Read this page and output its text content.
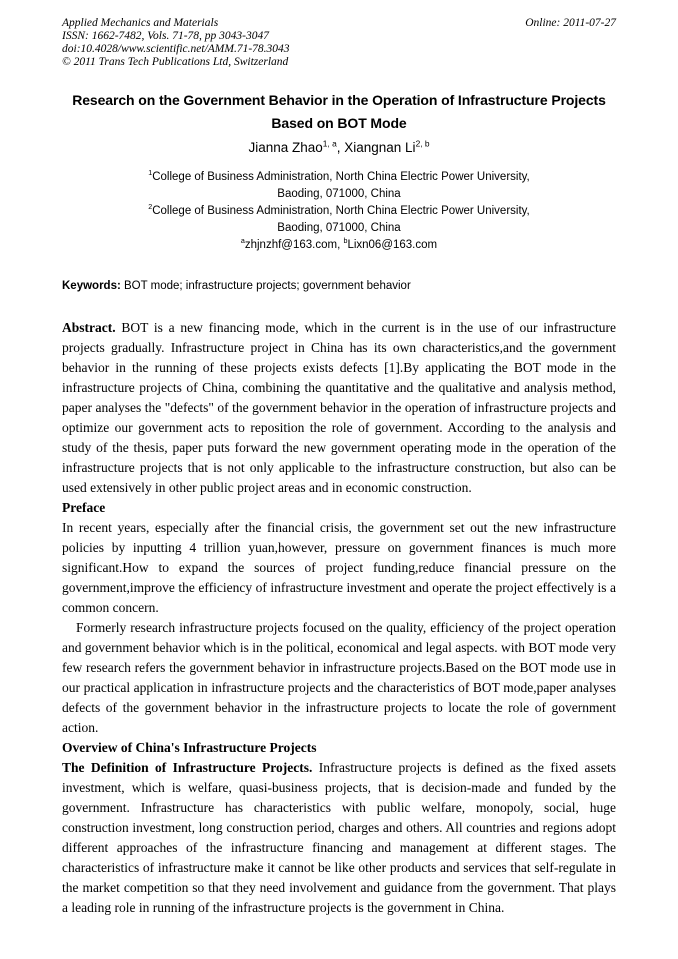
Applied Mechanics and Materials
ISSN: 1662-7482, Vols. 71-78, pp 3043-3047
doi:10.4028/www.scientific.net/AMM.71-78.3043
© 2011 Trans Tech Publications Ltd, Switzerland
Online: 2011-07-27
Research on the Government Behavior in the Operation of Infrastructure Projects Based on BOT Mode
Jianna Zhao$^{1, a}$, Xiangnan Li$^{2, b}$
$^1$College of Business Administration, North China Electric Power University,
Baoding, 071000, China
$^2$College of Business Administration, North China Electric Power University,
Baoding, 071000, China
$^a$zhjnzhf@163.com, $^b$Lixn06@163.com
Keywords: BOT mode; infrastructure projects; government behavior

Abstract. BOT is a new financing mode, which in the current is in the use of our infrastructure projects gradually. Infrastructure project in China has its own characteristics,and the government behavior in the running of these projects exists defects [1].By applicating the BOT mode in the infrastructure projects of China, combining the quantitative and the qualitative and analysis method, paper analyses the "defects" of the government behavior in the operation of infrastructure projects and optimize our government acts to reposition the role of government. According to the analysis and study of the thesis, paper puts forward the new government operating mode in the operation of the infrastructure projects that is not only applicable to the infrastructure construction, but also can be used extensively in other public project areas and in economic construction.

Preface

In recent years, especially after the financial crisis, the government set out the new infrastructure policies by inputting 4 trillion yuan,however, pressure on government finances is much more significant.How to expand the sources of project funding,reduce financial pressure on the government,improve the efficiency of infrastructure investment and operate the project effectively is a common concern.

Formerly research infrastructure projects focused on the quality, efficiency of the project operation and government behavior which is in the political, economical and legal aspects. with BOT mode very few research refers the government behavior in infrastructure projects.Based on the BOT mode use in our practical application in infrastructure projects and the characteristics of BOT mode,paper analyses defects of the government behavior in the infrastructure projects to locate the role of government action.

Overview of China's Infrastructure Projects

The Definition of Infrastructure Projects. Infrastructure projects is defined as the fixed assets investment, which is welfare, quasi-business projects, that is decision-made and funded by the government. Infrastructure has characteristics with public welfare, monopoly, social, huge construction investment, long construction period, charges and others. All countries and regions adopt different approaches of the infrastructure financing and management at different stages. The characteristics of infrastructure make it cannot be like other products and services that self-regulate in the market competition so that they need involvement and guidance from the government. That plays a leading role in running of the infrastructure projects is the government in China.
